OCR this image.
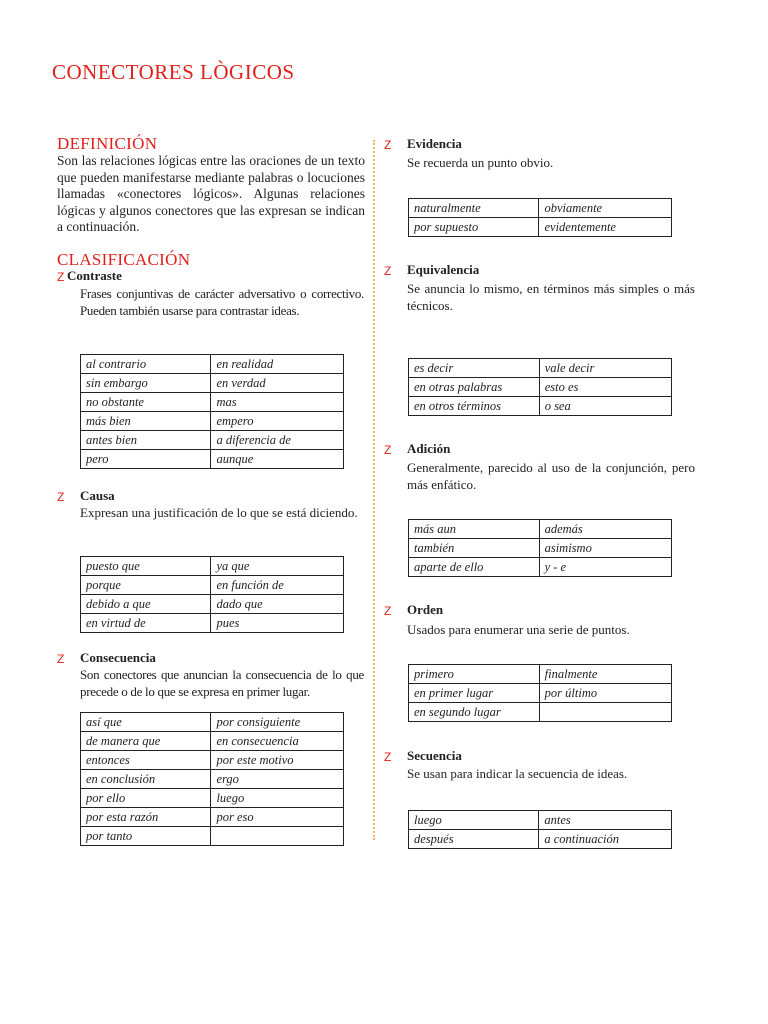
CONECTORES LÒGICOS
DEFINICIÓN

Son las relaciones lógicas entre las oraciones de un texto que pueden manifestarse mediante palabras o locuciones llamadas «conectores lógicos». Algunas relaciones lógicas y algunos conectores que las expresan se indican a continuación.

CLASIFICACIÓN
Z Contraste

Frases conjuntivas de carácter adversativo o correctivo. Pueden también usarse para contrastar ideas.

al contrario	en realidad
sin embargo	en verdad
no obstante	mas
más bien	empero
antes bien	a diferencia de
pero	aunque
Z Causa

Expresan una justificación de lo que se está diciendo.

puesto que	ya que
porque	en función de
debido a que	dado que
en virtud de	pues
Z Consecuencia

Son conectores que anuncian la consecuencia de lo que precede o de lo que se expresa en primer lugar.

así que	por consiguiente
de manera que	en consecuencia
entonces	por este motivo
en conclusión	ergo
por ello	luego
por esta razón	por eso
por tanto	
Z Evidencia

Se recuerda un punto obvio.

naturalmente	obviamente
por supuesto	evidentemente
Z Equivalencia

Se anuncia lo mismo, en términos más simples o más técnicos.

es decir	vale decir
en otras palabras	esto es
en otros términos	o sea
Z Adición

Generalmente, parecido al uso de la conjunción, pero más enfático.

más aun	además
también	asimismo
aparte de ello	y - e
Z Orden

Usados para enumerar una serie de puntos.

primero	finalmente
en primer lugar	por último
en segundo lugar	
Z Secuencia

Se usan para indicar la secuencia de ideas.

luego	antes
después	a continuación
